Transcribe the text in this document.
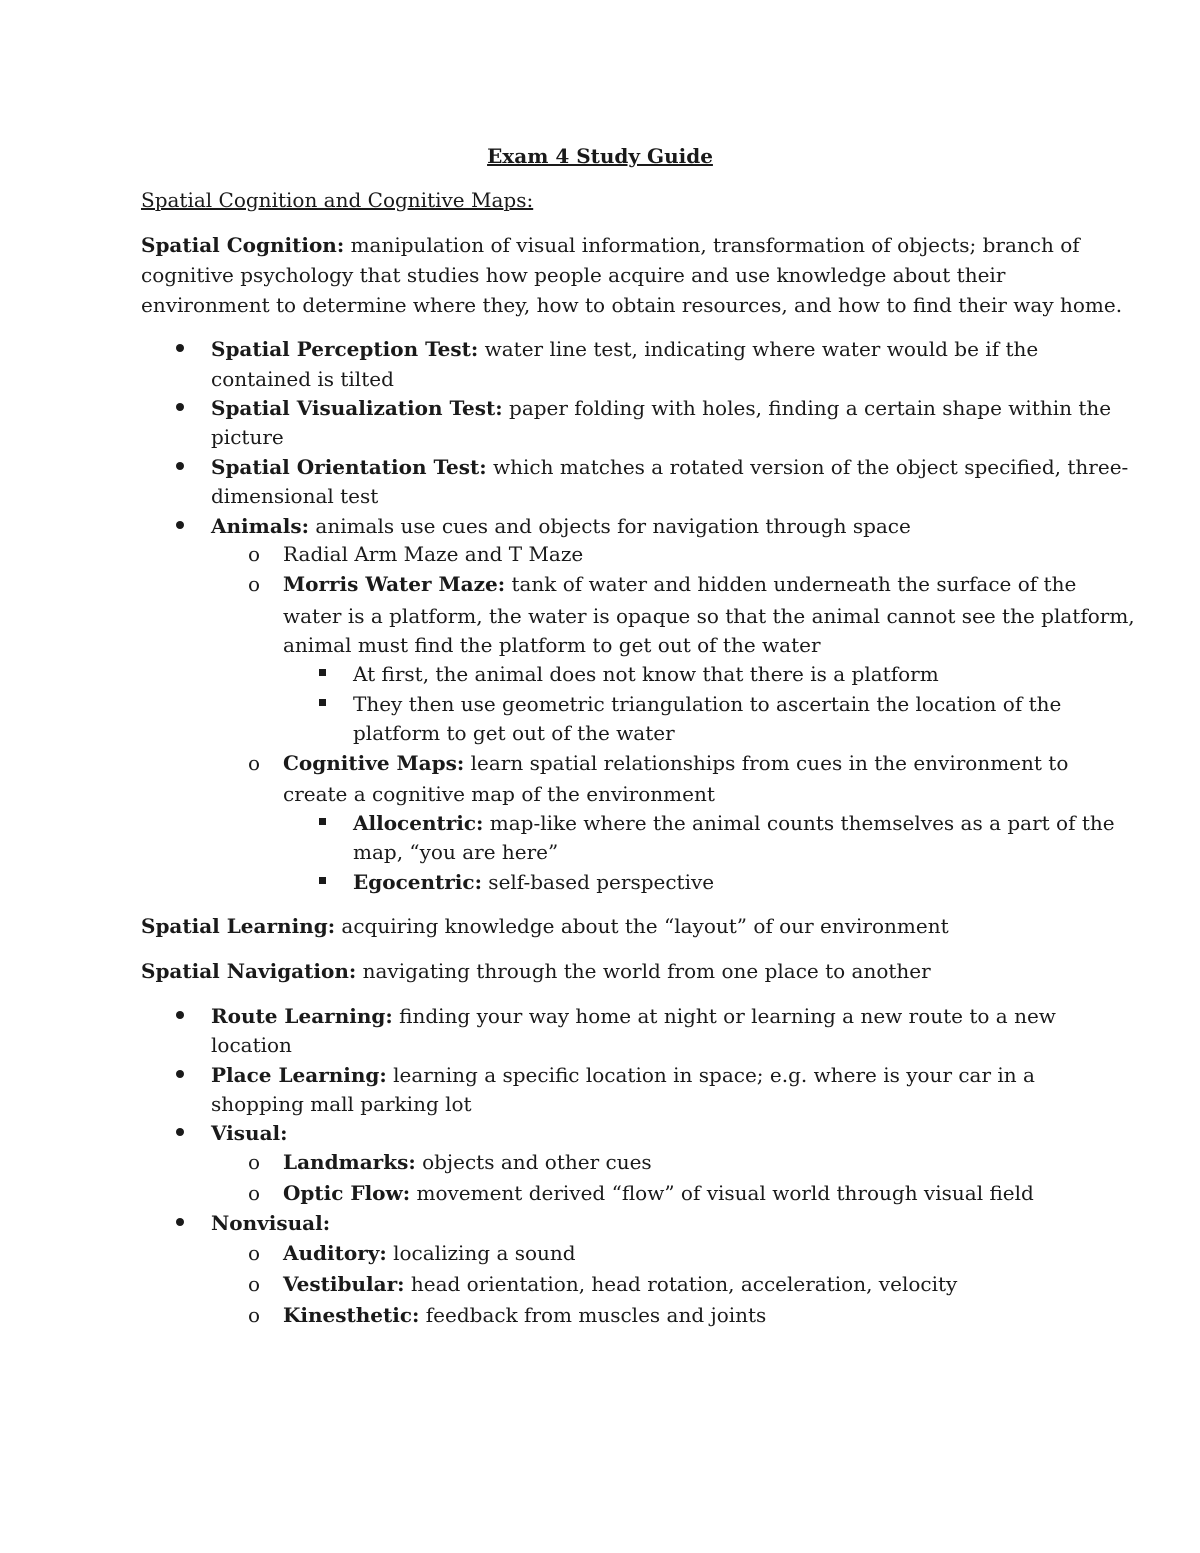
Exam 4 Study Guide
Spatial Cognition and Cognitive Maps:
Spatial Cognition: manipulation of visual information, transformation of objects; branch of
cognitive psychology that studies how people acquire and use knowledge about their
environment to determine where they, how to obtain resources, and how to find their way home.
Spatial Perception Test: water line test, indicating where water would be if the
contained is tilted
Spatial Visualization Test: paper folding with holes, finding a certain shape within the
picture
Spatial Orientation Test: which matches a rotated version of the object specified, three-
dimensional test
Animals: animals use cues and objects for navigation through space
o Radial Arm Maze and T Maze
o Morris Water Maze: tank of water and hidden underneath the surface of the
water is a platform, the water is opaque so that the animal cannot see the platform,
animal must find the platform to get out of the water
At first, the animal does not know that there is a platform
They then use geometric triangulation to ascertain the location of the
platform to get out of the water
o Cognitive Maps: learn spatial relationships from cues in the environment to
create a cognitive map of the environment
Allocentric: map-like where the animal counts themselves as a part of the
map, “you are here”
Egocentric: self-based perspective
Spatial Learning: acquiring knowledge about the “layout” of our environment
Spatial Navigation: navigating through the world from one place to another
Route Learning: finding your way home at night or learning a new route to a new
location
Place Learning: learning a specific location in space; e.g. where is your car in a
shopping mall parking lot
Visual:
o Landmarks: objects and other cues
o Optic Flow: movement derived “flow” of visual world through visual field
Nonvisual:
o Auditory: localizing a sound
o Vestibular: head orientation, head rotation, acceleration, velocity
o Kinesthetic: feedback from muscles and joints
